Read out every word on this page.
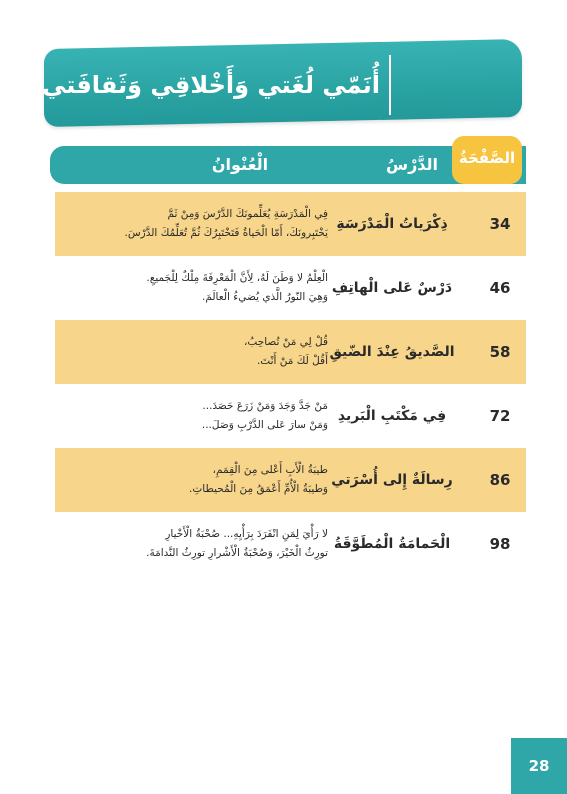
أُنَمّي لُغَتي وَأَخْلاقِي وَثَقافَتي
الدَّرْسُ
الْعُنْوانُ	الصَّفْحَةُ
34
ذِكْرَياتُ الْمَدْرَسَةِ
فِي الْمَدْرَسَةِ يُعَلِّمونَكَ الدَّرْسَ وَمِنْ ثَمَّ
يَخْتَبِرونَكَ، أَمّا الْحَياةُ فَتَخْتَبِرُكَ ثُمَّ تُعَلِّمُكَ الدَّرْسَ.
46
دَرْسٌ عَلى الْهاتِفِ
الْعِلْمُ لا وَطَنَ لَهُ، لِأَنَّ الْمَعْرِفَةَ مِلْكٌ لِلْجَميعِ.
وَهِيَ النّورُ الَّذي يُضيءُ الْعالَمَ.
58
الصَّديقُ عِنْدَ الضّيقِ
قُلْ لِي مَنْ تُصاحِبُ،
أَقُلْ لَكَ مَنْ أَنْتَ.
72
فِي مَكْتَبِ الْبَريدِ
مَنْ جَدَّ وَجَدَ وَمَنْ زَرَعَ حَصَدَ...
وَمَنْ سارَ عَلى الدَّرْبِ وَصَلَ...
86
رِسالَةٌ إِلى أُسْرَتي
طيبَةُ الْأَبِ أَعْلى مِنَ الْقِمَمِ،
وَطيبَةُ الْأُمِّ أَعْمَقُ مِنَ الْمُحيطاتِ.
98
الْحَمامَةُ الْمُطَوَّقَةُ
لا رَأْيَ لِمَنِ انْفَرَدَ بِرَأْيِهِ... صُحْبَةُ الْأَخْيارِ
تورِثُ الْخَيْرَ، وَصُحْبَةُ الْأَشْرارِ تورِثُ النَّدامَةَ.
28
